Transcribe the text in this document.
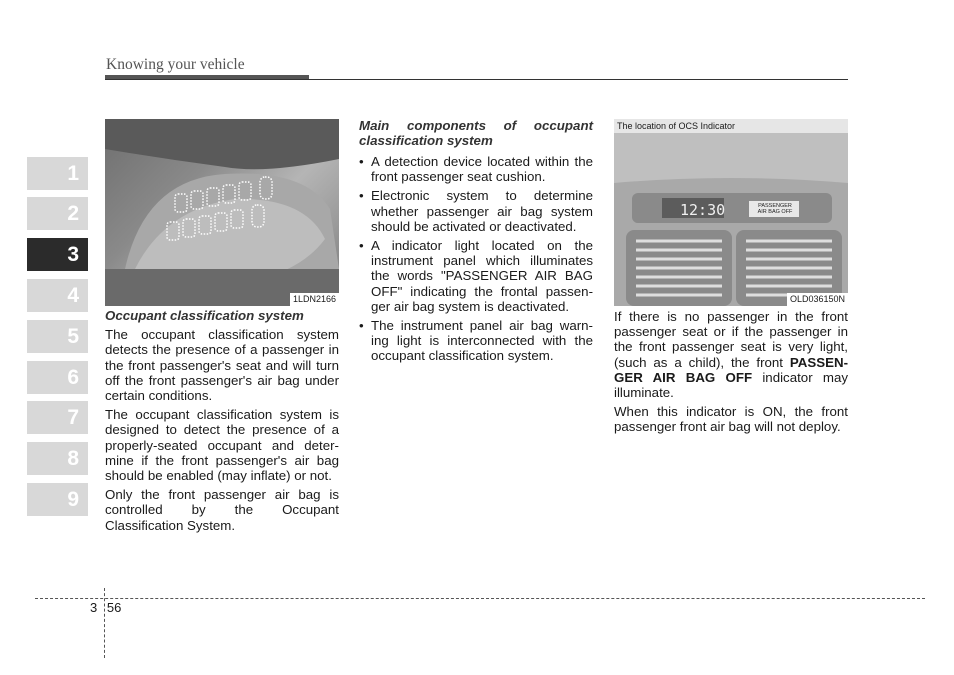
Knowing your vehicle
1
2
3
4
5
6
7
8
9
1LDN2166

Occupant classification system

The occupant classification system detects the presence of a passenger in the front passenger's seat and will turn off the front passenger's air bag under certain conditions.

The occupant classification system is designed to detect the presence of a properly-seated occupant and deter-mine if the front passenger's air bag should be enabled (may inflate) or not.

Only the front passenger air bag is controlled by the Occupant Classification System.

Main components of occupant classification system

• A detection device located within the front passenger seat cushion.
• Electronic system to determine whether passenger air bag system should be activated or deactivated.
• A indicator light located on the instrument panel which illuminates the words "PASSENGER AIR BAG OFF" indicating the frontal passen-ger air bag system is deactivated.
• The instrument panel air bag warn-ing light is interconnected with the occupant classification system.
The location of OCS Indicator
12:30	PASSENGER
AIR BAG OFF
OLD036150N

If there is no passenger in the front passenger seat or if the passenger in the front passenger seat is very light, (such as a child), the front PASSEN-GER AIR BAG OFF indicator may illuminate.

When this indicator is ON, the front passenger front air bag will not deploy.

3 56
